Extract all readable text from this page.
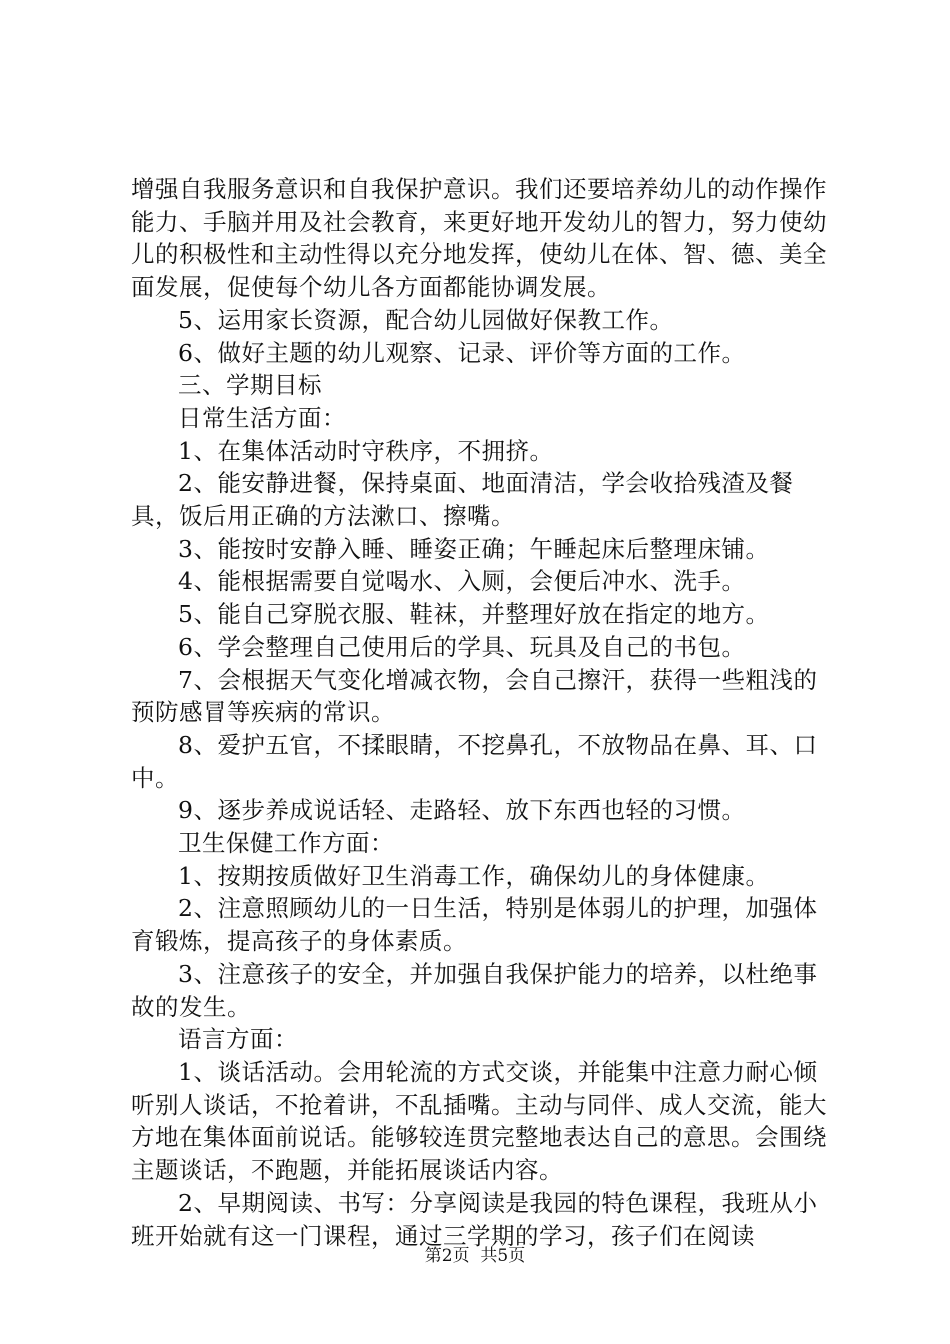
增强自我服务意识和自我保护意识。我们还要培养幼儿的动作操作能力、手脑并用及社会教育，来更好地开发幼儿的智力，努力使幼儿的积极性和主动性得以充分地发挥，使幼儿在体、智、德、美全面发展，促使每个幼儿各方面都能协调发展。

5、运用家长资源，配合幼儿园做好保教工作。

6、做好主题的幼儿观察、记录、评价等方面的工作。

三、学期目标

日常生活方面：

1、在集体活动时守秩序，不拥挤。

2、能安静进餐，保持桌面、地面清洁，学会收拾残渣及餐具，饭后用正确的方法漱口、擦嘴。

3、能按时安静入睡、睡姿正确；午睡起床后整理床铺。

4、能根据需要自觉喝水、入厕，会便后冲水、洗手。

5、能自己穿脱衣服、鞋袜，并整理好放在指定的地方。

6、学会整理自己使用后的学具、玩具及自己的书包。

7、会根据天气变化增减衣物，会自己擦汗，获得一些粗浅的预防感冒等疾病的常识。

8、爱护五官，不揉眼睛，不挖鼻孔，不放物品在鼻、耳、口中。

9、逐步养成说话轻、走路轻、放下东西也轻的习惯。

卫生保健工作方面：

1、按期按质做好卫生消毒工作，确保幼儿的身体健康。

2、注意照顾幼儿的一日生活，特别是体弱儿的护理，加强体育锻炼，提高孩子的身体素质。

3、注意孩子的安全，并加强自我保护能力的培养，以杜绝事故的发生。

语言方面：

1、谈话活动。会用轮流的方式交谈，并能集中注意力耐心倾听别人谈话，不抢着讲，不乱插嘴。主动与同伴、成人交流，能大方地在集体面前说话。能够较连贯完整地表达自己的意思。会围绕主题谈话，不跑题，并能拓展谈话内容。

2、早期阅读、书写：分享阅读是我园的特色课程，我班从小班开始就有这一门课程，通过三学期的学习，孩子们在阅读

第2页  共5页
